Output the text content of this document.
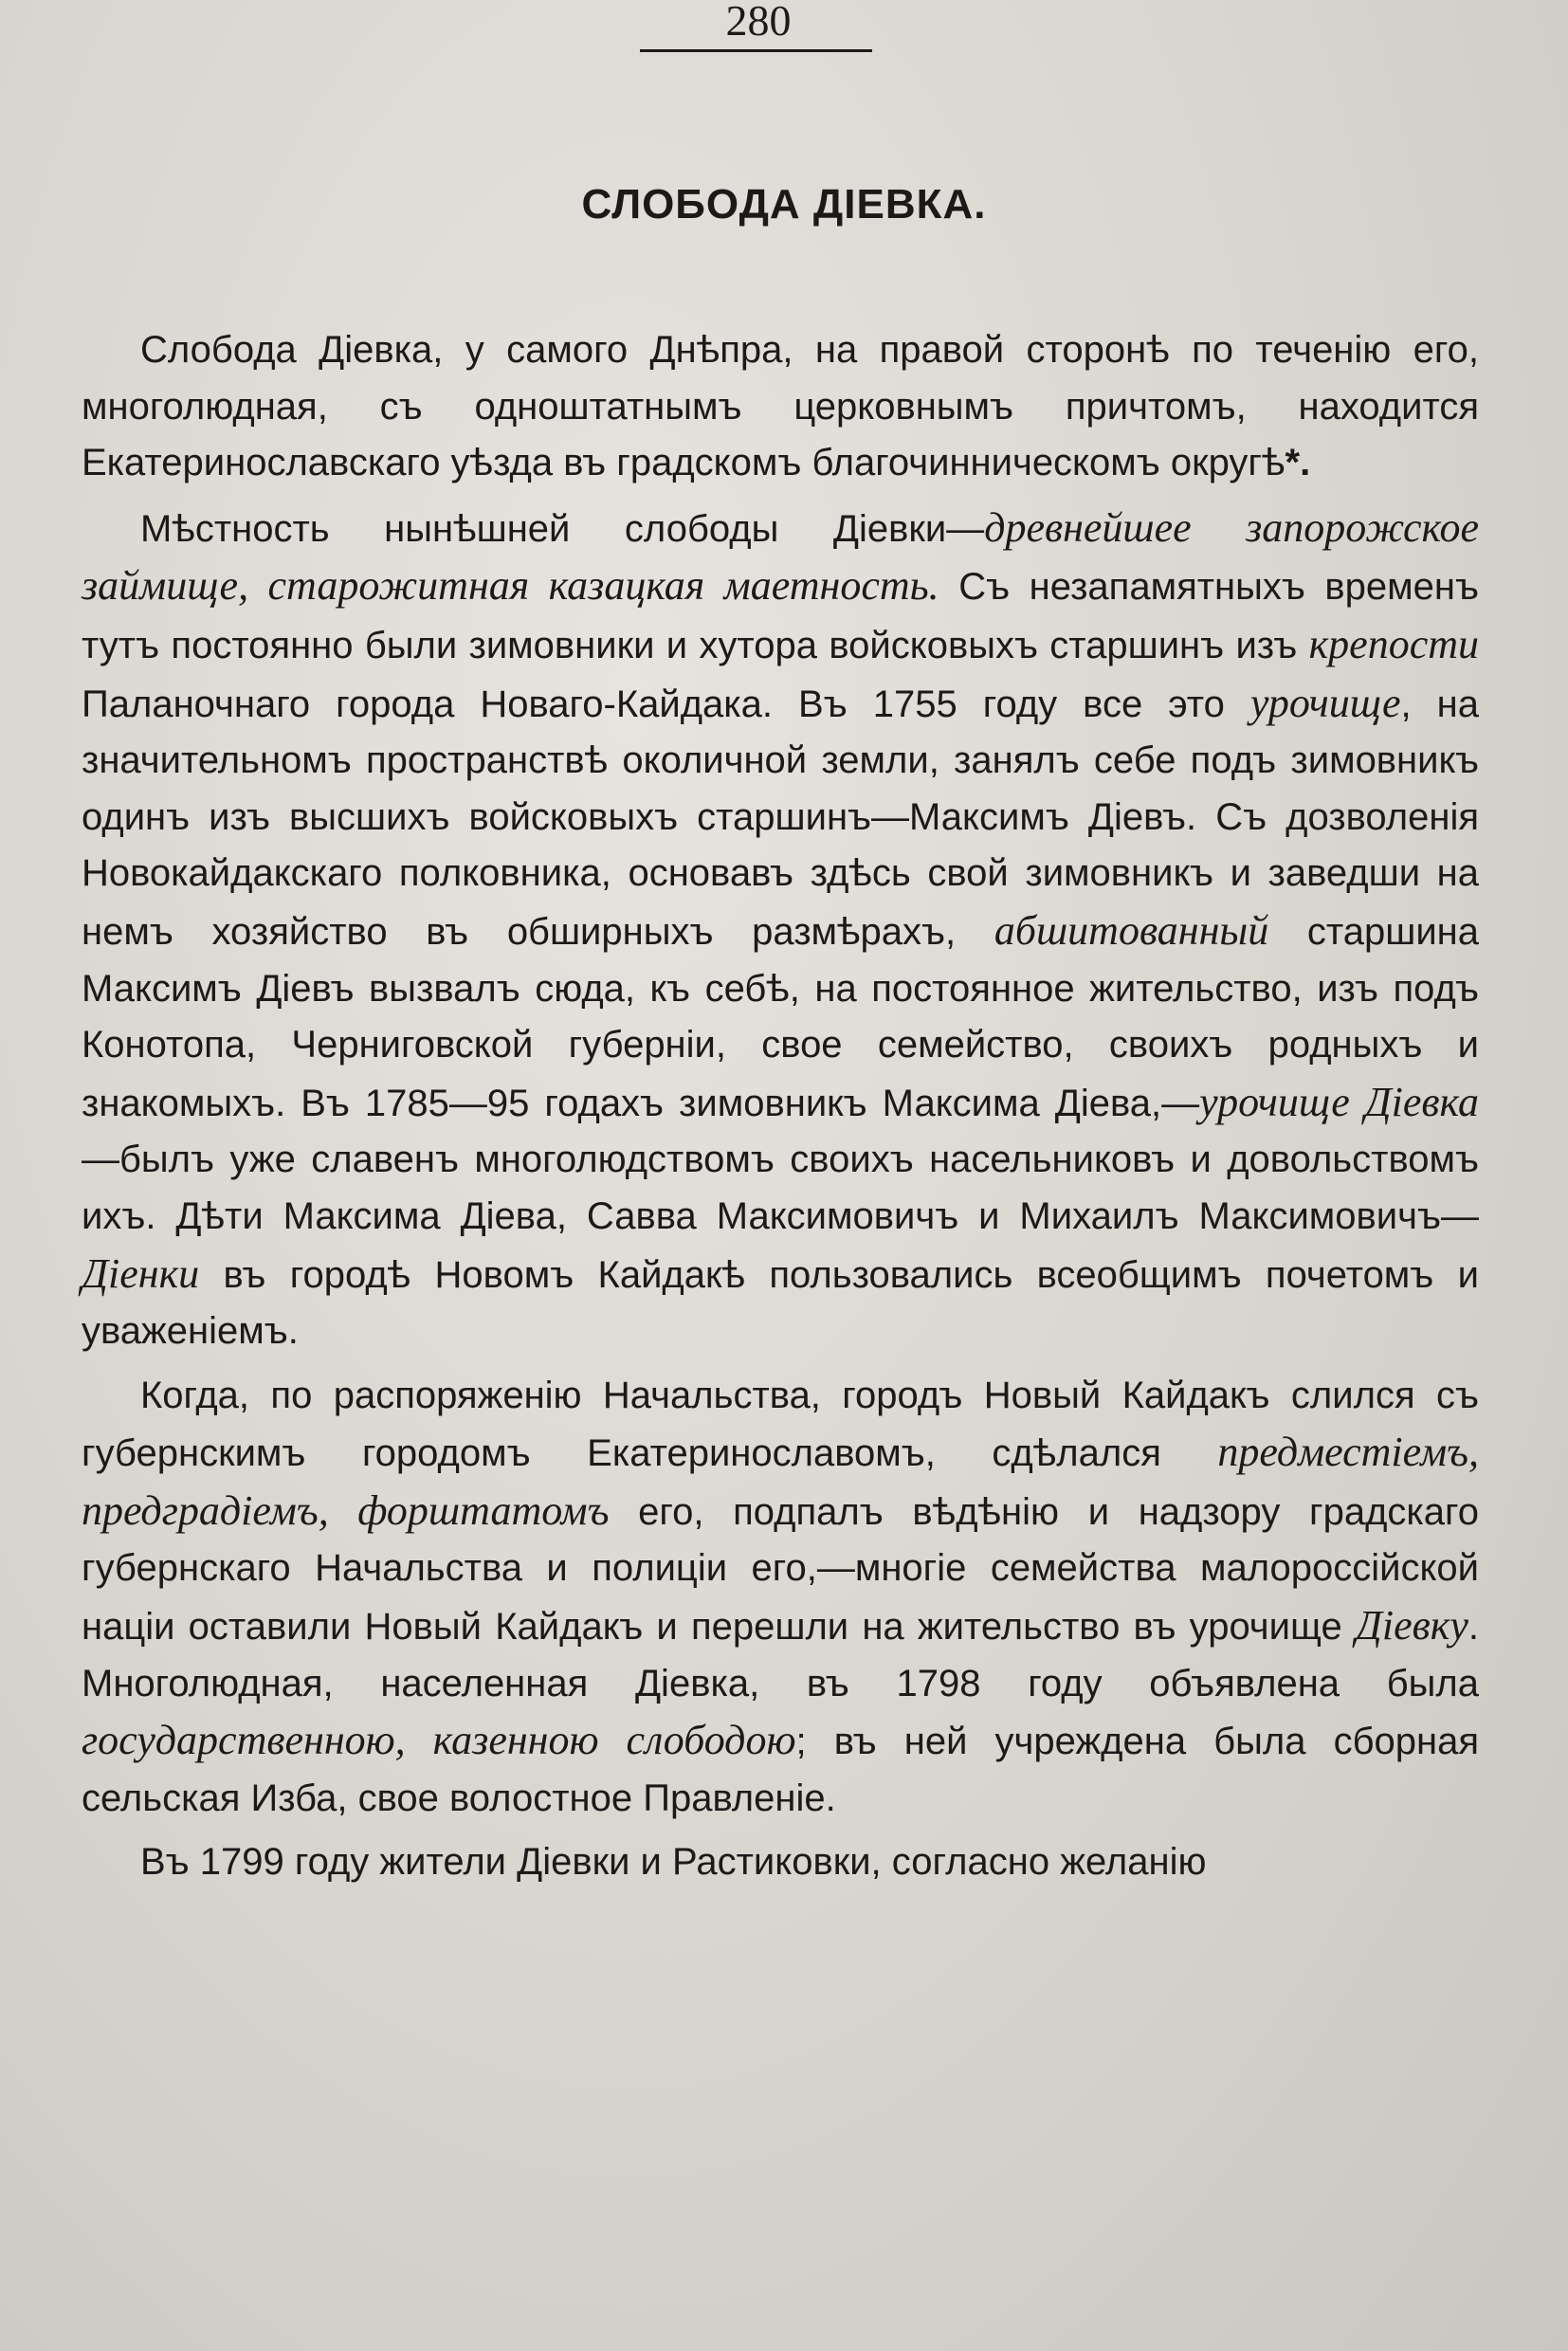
280
СЛОБОДА ДІЕВКА.

Слобода Діевка, у самого Днѣпра, на правой сторонѣ по теченію его, многолюдная, съ одноштатнымъ церковнымъ причтомъ, находится Екатеринославскаго уѣзда въ градскомъ благочинническомъ округѣ*.

Мѣстность нынѣшней слободы Діевки—древнейшее запорожское займище, старожитная казацкая маетность. Съ незапамятныхъ временъ тутъ постоянно были зимовники и хутора войсковыхъ старшинъ изъ крепости Паланочнаго города Новаго-Кайдака. Въ 1755 году все это урочище, на значительномъ пространствѣ околичной земли, занялъ себе подъ зимовникъ одинъ изъ высшихъ войсковыхъ старшинъ—Максимъ Діевъ. Съ дозволенія Новокайдакскаго полковника, основавъ здѣсь свой зимовникъ и заведши на немъ хозяйство въ обширныхъ размѣрахъ, абшитованный старшина Максимъ Діевъ вызвалъ сюда, къ себѣ, на постоянное жительство, изъ подъ Конотопа, Черниговской губерніи, свое семейство, своихъ родныхъ и знакомыхъ. Въ 1785—95 годахъ зимовникъ Максима Діева,—урочище Діевка—былъ уже славенъ многолюдствомъ своихъ насельниковъ и довольствомъ ихъ. Дѣти Максима Діева, Савва Максимовичъ и Михаилъ Максимовичъ—Діенки въ городѣ Новомъ Кайдакѣ пользовались всеобщимъ почетомъ и уваженіемъ.

Когда, по распоряженію Начальства, городъ Новый Кайдакъ слился съ губернскимъ городомъ Екатеринославомъ, сдѣлался предместіемъ, предградіемъ, форштатомъ его, подпалъ вѣдѣнію и надзору градскаго губернскаго Начальства и полиціи его,—многіе семейства малороссійской націи оставили Новый Кайдакъ и перешли на жительство въ урочище Діевку. Многолюдная, населенная Діевка, въ 1798 году объявлена была государственною, казенною слободою; въ ней учреждена была сборная сельская Изба, свое волостное Правленіе.

Въ 1799 году жители Діевки и Растиковки, согласно желанію
